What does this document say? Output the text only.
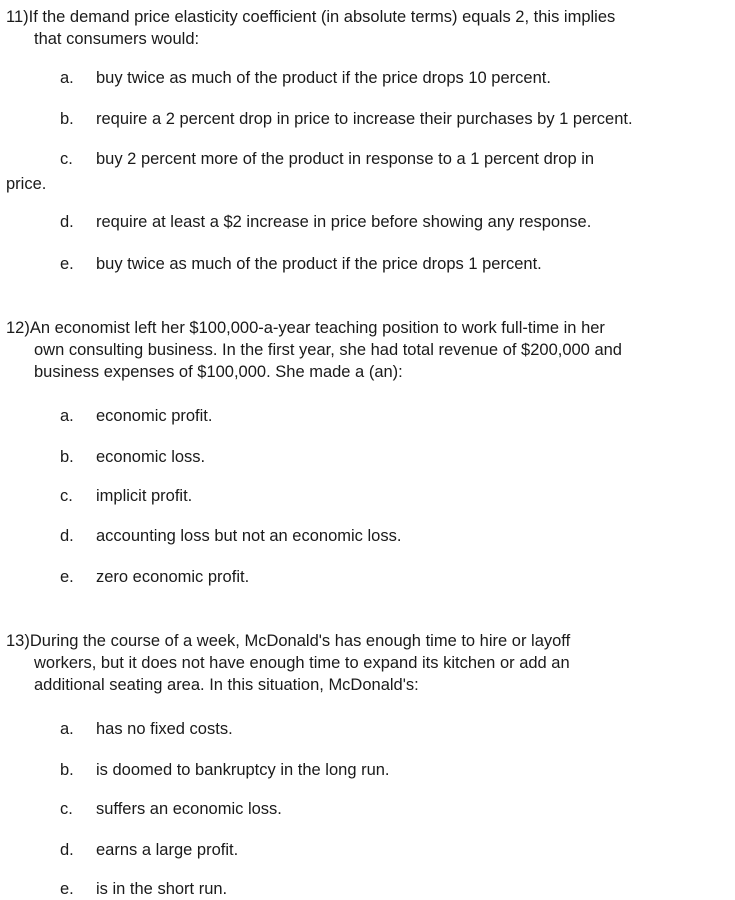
11)If the demand price elasticity coefficient (in absolute terms) equals 2, this implies
that consumers would:
a. buy twice as much of the product if the price drops 10 percent.
b. require a 2 percent drop in price to increase their purchases by 1 percent.
c. buy 2 percent more of the product in response to a 1 percent drop in
price.
d. require at least a $2 increase in price before showing any response.
e. buy twice as much of the product if the price drops 1 percent.
12)An economist left her $100,000-a-year teaching position to work full-time in her
own consulting business. In the first year, she had total revenue of $200,000 and
business expenses of $100,000. She made a (an):
a. economic profit.
b. economic loss.
c. implicit profit.
d. accounting loss but not an economic loss.
e. zero economic profit.
13)During the course of a week, McDonald's has enough time to hire or layoff
workers, but it does not have enough time to expand its kitchen or add an
additional seating area. In this situation, McDonald's:
a. has no fixed costs.
b. is doomed to bankruptcy in the long run.
c. suffers an economic loss.
d. earns a large profit.
e. is in the short run.
